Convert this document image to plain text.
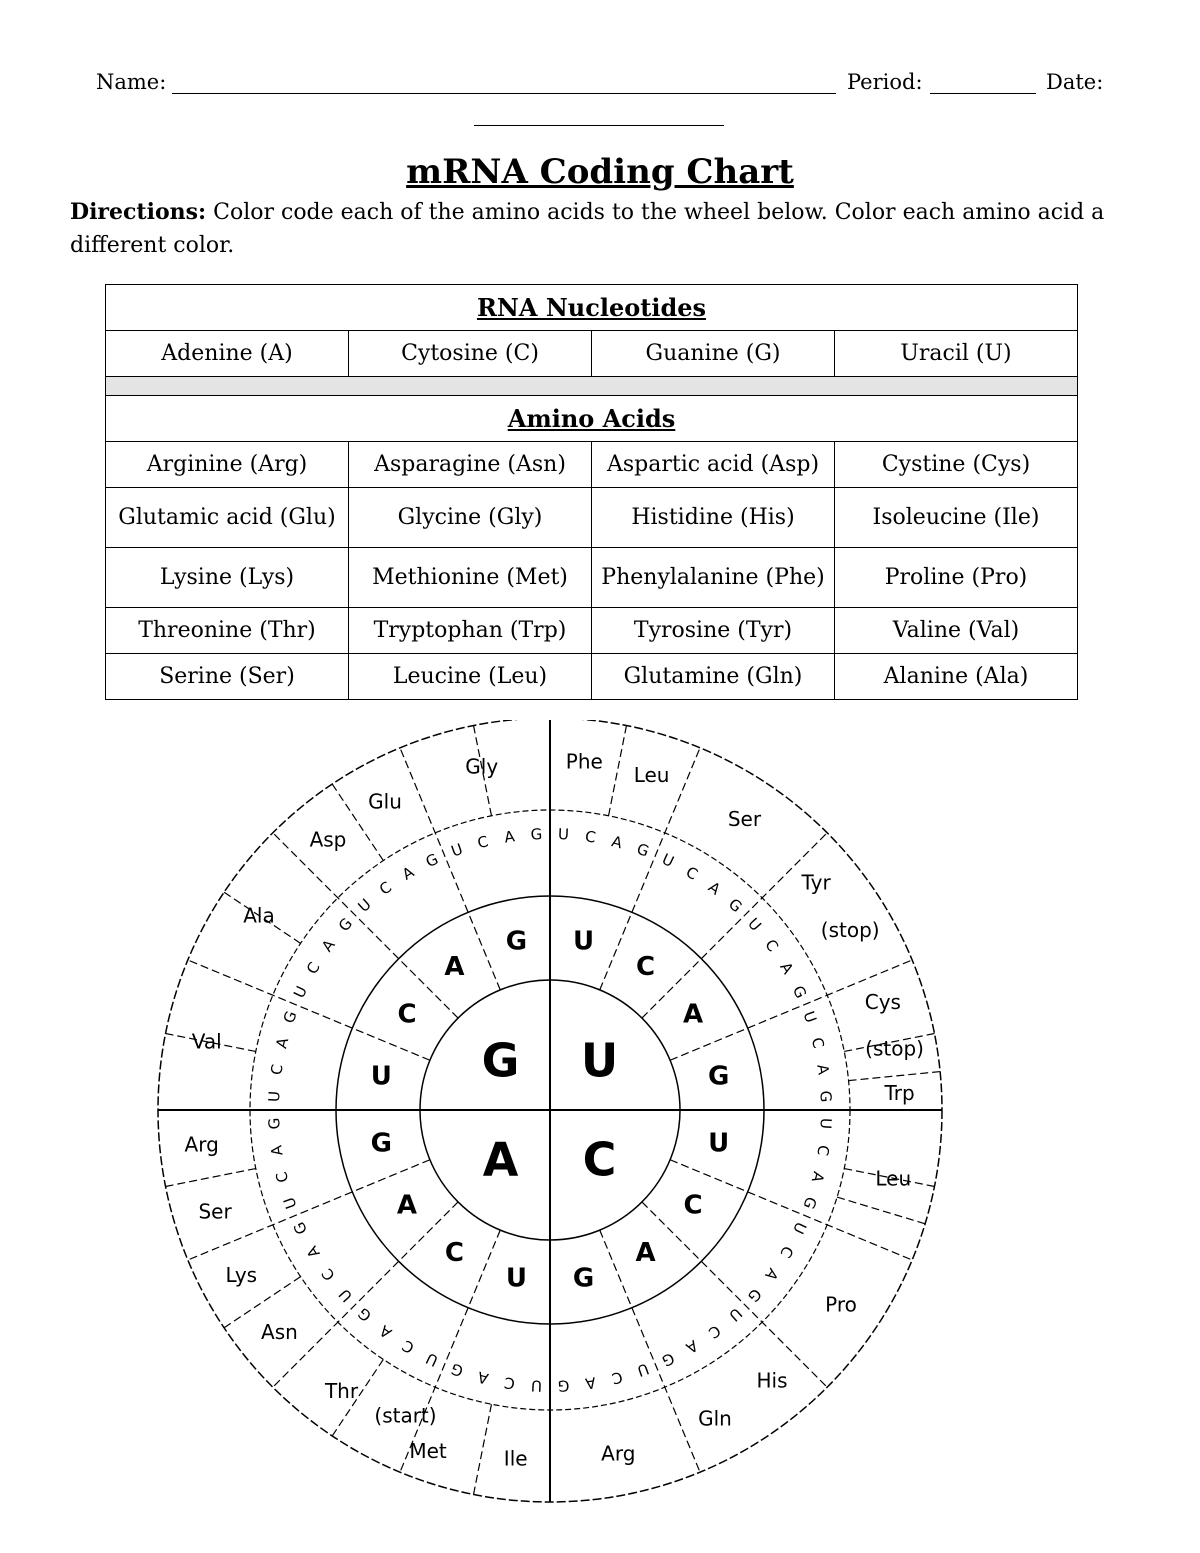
Name:	Period:	Date:
mRNA Coding Chart
Directions: Color code each of the amino acids to the wheel below. Color each amino acid a different color.
RNA Nucleotides			
Adenine (A)	Cytosine (C)	Guanine (G)	Uracil (U)

Amino Acids			
Arginine (Arg)	Asparagine (Asn)	Aspartic acid (Asp)	Cystine (Cys)
Glutamic acid (Glu)	Glycine (Gly)	Histidine (His)	Isoleucine (Ile)
Lysine (Lys)	Methionine (Met)	Phenylalanine (Phe)	Proline (Pro)
Threonine (Thr)	Tryptophan (Trp)	Tyrosine (Tyr)	Valine (Val)
Serine (Ser)	Leucine (Leu)	Glutamine (Gln)	Alanine (Ala)
U
C
A
G
U
C
A
G
U
C
A
G
U
C
A
G
U
C
A
G
U C A G U
C
A
G
U
C
A
G
U
C
A
G
U
C
A
G
U
C
A
G
U
C
A
G
U
C
A
G
U
C
A
G
U
C
A
G
U
C
A
G
U
C
A
G
U
C
A
G
U
C
A
G
U
C
A
G U C A G
Phe
Leu
Ser
Tyr
(stop)
Cys
(stop)
Trp
Leu
Pro
His
Gln
Arg
Ile
Met
(start)
Thr
Asn
Lys
Ser
Arg
Val
Ala
Asp
Glu
Gly
